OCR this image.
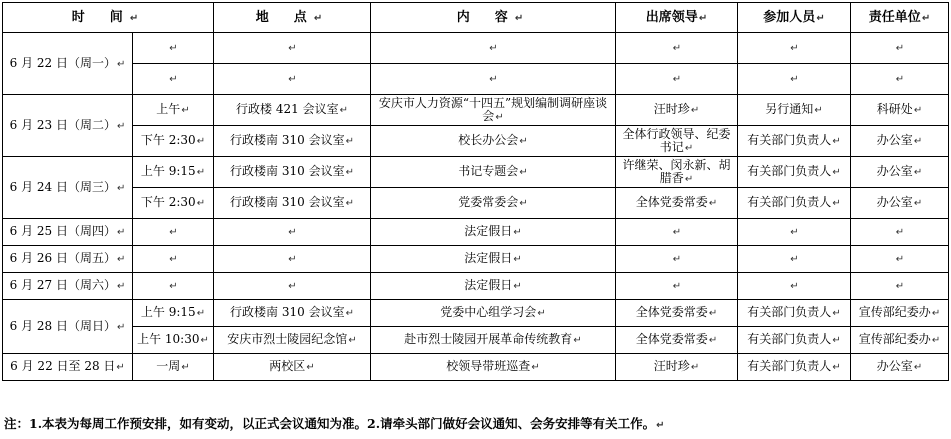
时　间↵		地　点↵	内　容↵	出席领导↵	参加人员↵	责任单位↵
6 月 22 日（周一）↵	↵	↵	↵	↵	↵	↵
	↵	↵	↵	↵	↵	↵
6 月 23 日（周二）↵	上午↵	行政楼 421 会议室↵	安庆市人力资源“十四五”规划编制调研座谈会↵	汪时珍↵	另行通知↵	科研处↵
	下午 2:30↵	行政楼南 310 会议室↵	校长办公会↵	全体行政领导、纪委书记↵	有关部门负责人↵	办公室↵
6 月 24 日（周三）↵	上午 9:15↵	行政楼南 310 会议室↵	书记专题会↵	许继荣、闵永新、胡腊香↵	有关部门负责人↵	办公室↵
	下午 2:30↵	行政楼南 310 会议室↵	党委常委会↵	全体党委常委↵	有关部门负责人↵	办公室↵
6 月 25 日（周四）↵	↵	↵	法定假日↵	↵	↵	↵
6 月 26 日（周五）↵	↵	↵	法定假日↵	↵	↵	↵
6 月 27 日（周六）↵	↵	↵	法定假日↵	↵	↵	↵
6 月 28 日（周日）↵	上午 9:15↵	行政楼南 310 会议室↵	党委中心组学习会↵	全体党委常委↵	有关部门负责人↵	宣传部纪委办↵
	上午 10:30↵	安庆市烈士陵园纪念馆↵	赴市烈士陵园开展革命传统教育↵	全体党委常委↵	有关部门负责人↵	宣传部纪委办↵
6 月 22 日至 28 日↵	一周↵	两校区↵	校领导带班巡查↵	汪时珍↵	有关部门负责人↵	办公室↵
注：1.本表为每周工作预安排，如有变动，以正式会议通知为准。2.请牵头部门做好会议通知、会务安排等有关工作。↵
